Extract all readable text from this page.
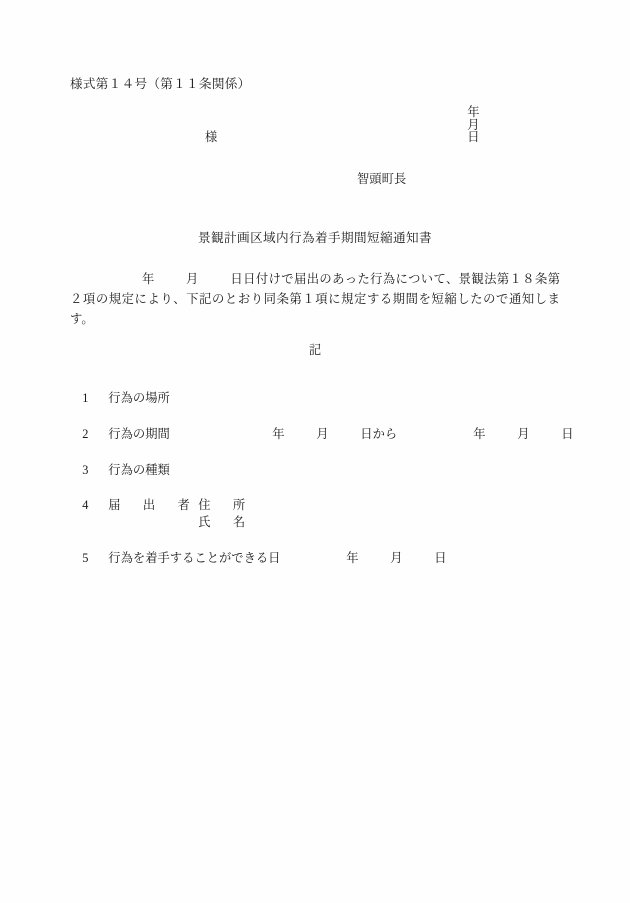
様式第１４号（第１１条関係）

年
月
日

様
智頭町長
景観計画区域内行為着手期間短縮通知書
年	月	日日付けで届出のあった行為について、景観法第１８条第２項の規定により、下記のとおり同条第１項に規定する期間を短縮したので通知します。
記

1 行為の場所

2 行為の期間	年	月	日から	年	月	日

3 行為の種類

4 届　出　者 住　所

氏　名

5 行為を着手することができる日	年	月	日
